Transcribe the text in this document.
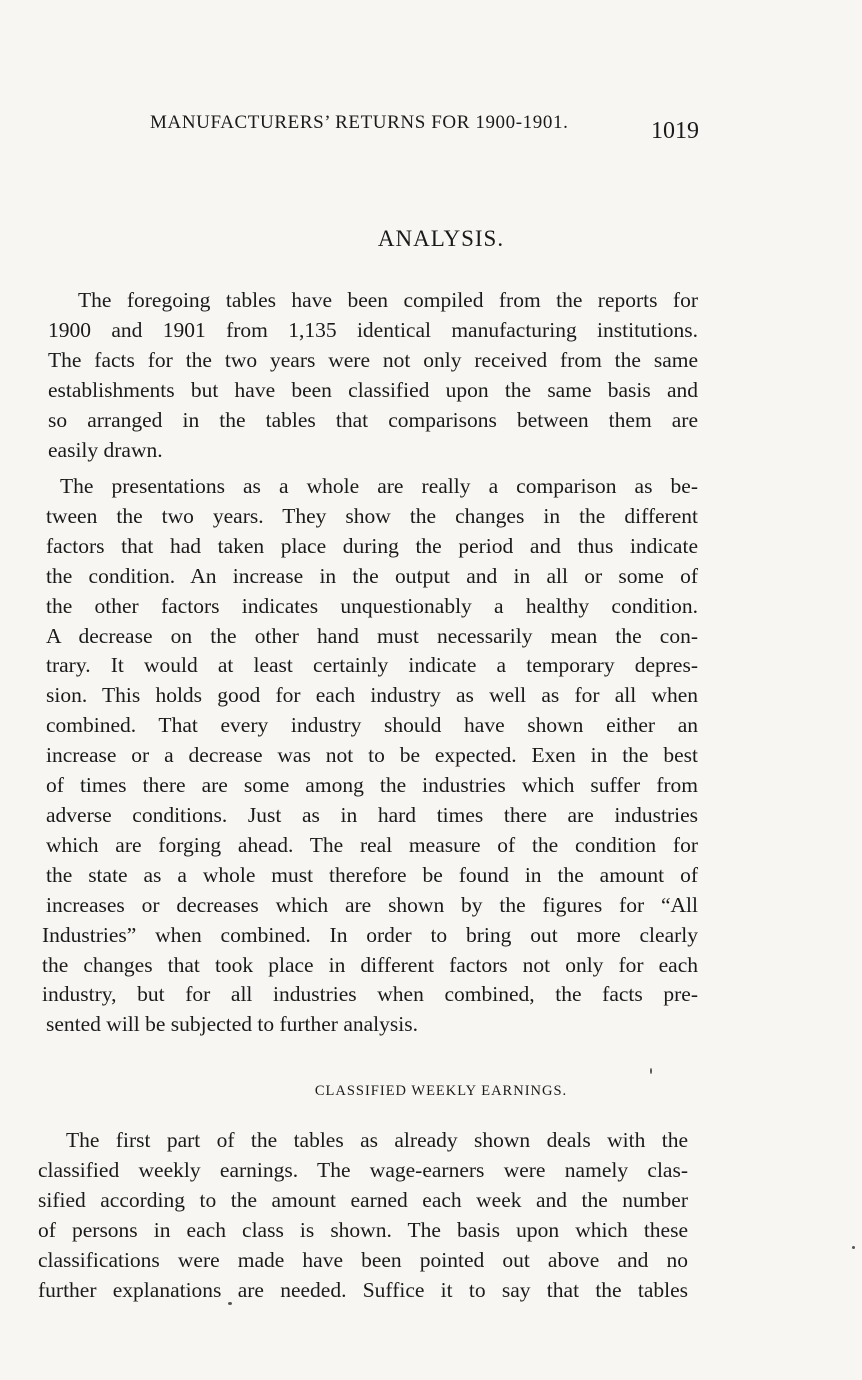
MANUFACTURERS’ RETURNS FOR 1900-1901.	1019
ANALYSIS.
The foregoing tables have been compiled from the reports for
1900 and 1901 from 1,135 identical manufacturing institutions.
The facts for the two years were not only received from the same
establishments but have been classified upon the same basis and
so arranged in the tables that comparisons between them are
easily drawn.
The presentations as a whole are really a comparison as be-
tween the two years. They show the changes in the different
factors that had taken place during the period and thus indicate
the condition. An increase in the output and in all or some of
the other factors indicates unquestionably a healthy condition.
A decrease on the other hand must necessarily mean the con-
trary. It would at least certainly indicate a temporary depres-
sion. This holds good for each industry as well as for all when
combined. That every industry should have shown either an
increase or a decrease was not to be expected. Exen in the best
of times there are some among the industries which suffer from
adverse conditions. Just as in hard times there are industries
which are forging ahead. The real measure of the condition for
the state as a whole must therefore be found in the amount of
increases or decreases which are shown by the figures for “All
Industries” when combined. In order to bring out more clearly
the changes that took place in different factors not only for each
industry, but for all industries when combined, the facts pre-
sented will be subjected to further analysis.
CLASSIFIED WEEKLY EARNINGS.
The first part of the tables as already shown deals with the
classified weekly earnings. The wage-earners were namely clas-
sified according to the amount earned each week and the number
of persons in each class is shown. The basis upon which these
classifications were made have been pointed out above and no
further explanations are needed. Suffice it to say that the tables
